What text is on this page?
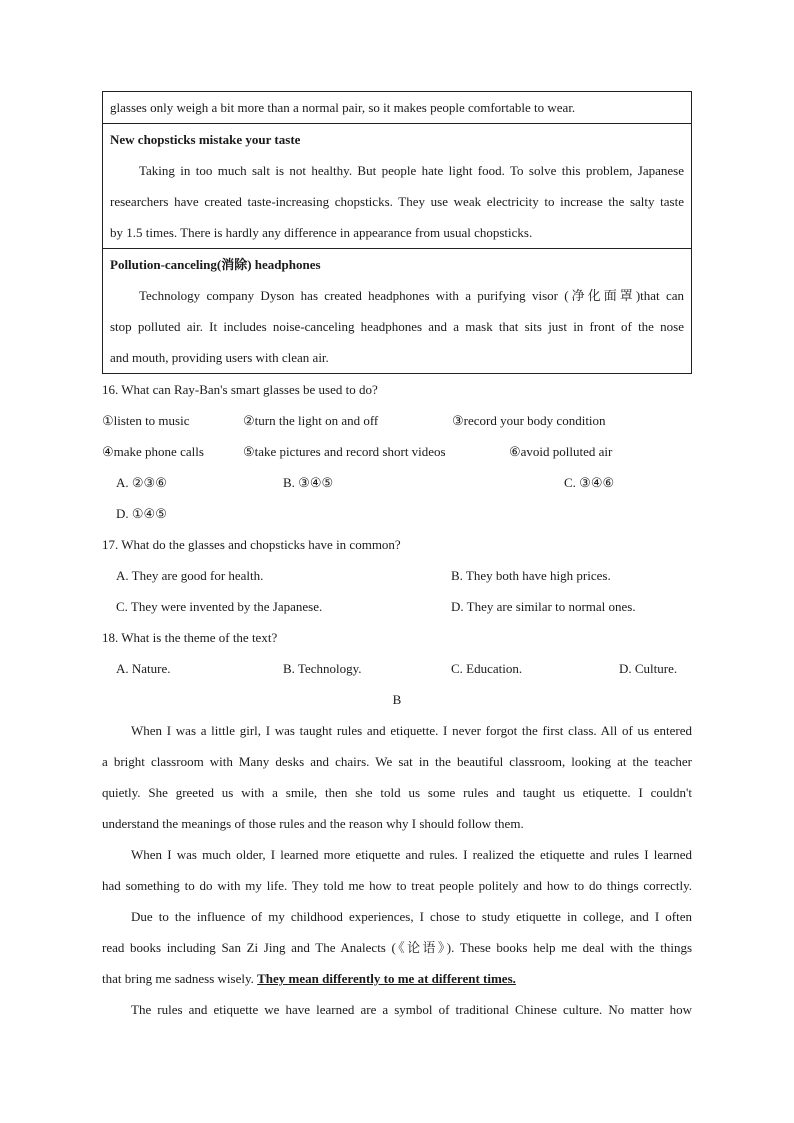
glasses only weigh a bit more than a normal pair, so it makes people comfortable to wear.
New chopsticks mistake your taste
Taking in too much salt is not healthy. But people hate light food. To solve this problem, Japanese
researchers have created taste-increasing chopsticks. They use weak electricity to increase the salty taste
by 1.5 times. There is hardly any difference in appearance from usual chopsticks.
Pollution-canceling(消除) headphones
Technology company Dyson has created headphones with a purifying visor (净化面罩)that can
stop polluted air. It includes noise-canceling headphones and a mask that sits just in front of the nose
and mouth, providing users with clean air.
16. What can Ray-Ban's smart glasses be used to do?
①listen to music	②turn the light on and off	③record your body condition
④make phone calls	⑤take pictures and record short videos	⑥avoid polluted air
A. ②③⑥	B. ③④⑤	C. ③④⑥
D. ①④⑤
17. What do the glasses and chopsticks have in common?
A. They are good for health.	B. They both have high prices.
C. They were invented by the Japanese.	D. They are similar to normal ones.
18. What is the theme of the text?
A. Nature.	B. Technology.	C. Education.	D. Culture.
B
When I was a little girl, I was taught rules and etiquette. I never forgot the first class. All of us entered
a bright classroom with Many desks and chairs. We sat in the beautiful classroom, looking at the teacher
quietly. She greeted us with a smile, then she told us some rules and taught us etiquette. I couldn't
understand the meanings of those rules and the reason why I should follow them.
When I was much older, I learned more etiquette and rules. I realized the etiquette and rules I learned
had something to do with my life. They told me how to treat people politely and how to do things correctly.
Due to the influence of my childhood experiences, I chose to study etiquette in college, and I often
read books including San Zi Jing and The Analects (《论语》). These books help me deal with the things
that bring me sadness wisely. They mean differently to me at different times.
The rules and etiquette we have learned are a symbol of traditional Chinese culture. No matter how
